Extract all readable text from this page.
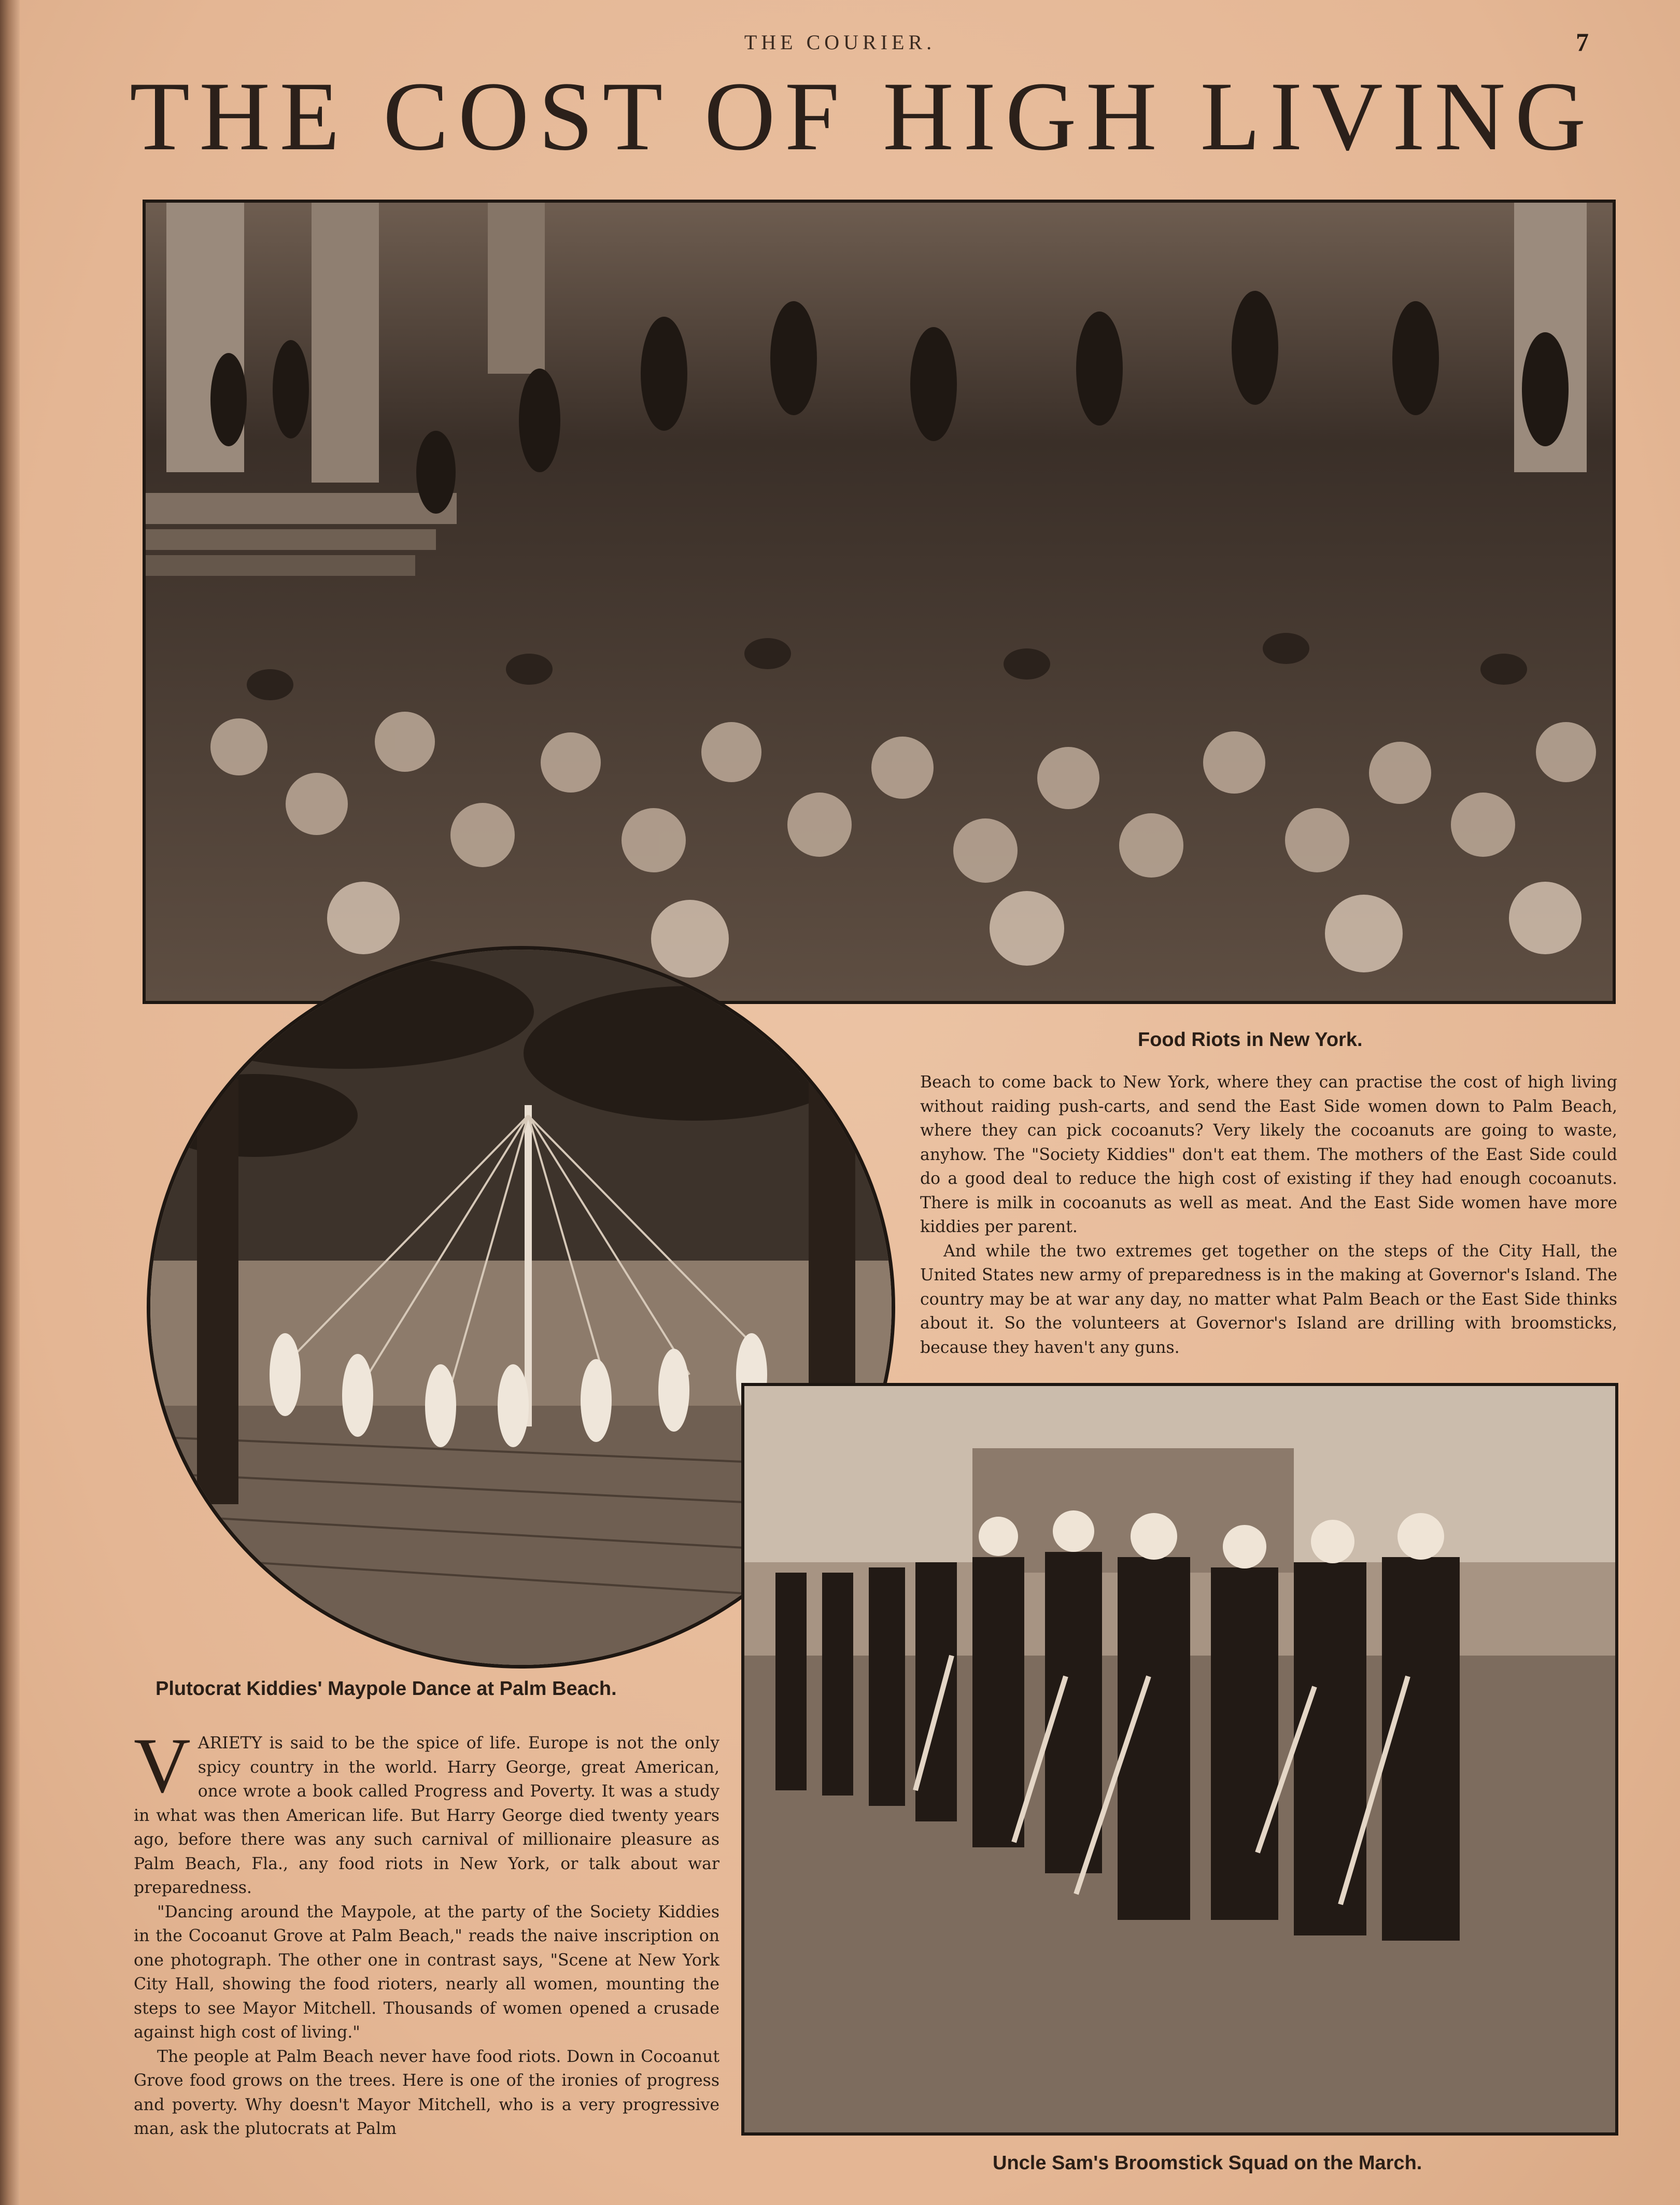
THE COURIER.	7
THE COST OF HIGH LIVING
Food Riots in New York.
Plutocrat Kiddies' Maypole Dance at Palm Beach.

Beach to come back to New York, where they can practise the cost of high living without raiding push-carts, and send the East Side women down to Palm Beach, where they can pick cocoanuts? Very likely the cocoanuts are going to waste, anyhow. The "Society Kiddies" don't eat them. The mothers of the East Side could do a good deal to reduce the high cost of existing if they had enough cocoanuts. There is milk in cocoanuts as well as meat. And the East Side women have more kiddies per parent.

And while the two extremes get together on the steps of the City Hall, the United States new army of preparedness is in the making at Governor's Island. The country may be at war any day, no matter what Palm Beach or the East Side thinks about it. So the volunteers at Governor's Island are drilling with broomsticks, because they haven't any guns.

Uncle Sam's Broomstick Squad on the March.

VARIETY is said to be the spice of life. Europe is not the only spicy country in the world. Harry George, great American, once wrote a book called Progress and Poverty. It was a study in what was then American life. But Harry George died twenty years ago, before there was any such carnival of millionaire pleasure as Palm Beach, Fla., any food riots in New York, or talk about war preparedness.

"Dancing around the Maypole, at the party of the Society Kiddies in the Cocoanut Grove at Palm Beach," reads the naive inscription on one photograph. The other one in contrast says, "Scene at New York City Hall, showing the food rioters, nearly all women, mounting the steps to see Mayor Mitchell. Thousands of women opened a crusade against high cost of living."

The people at Palm Beach never have food riots. Down in Cocoanut Grove food grows on the trees. Here is one of the ironies of progress and poverty. Why doesn't Mayor Mitchell, who is a very progressive man, ask the plutocrats at Palm
